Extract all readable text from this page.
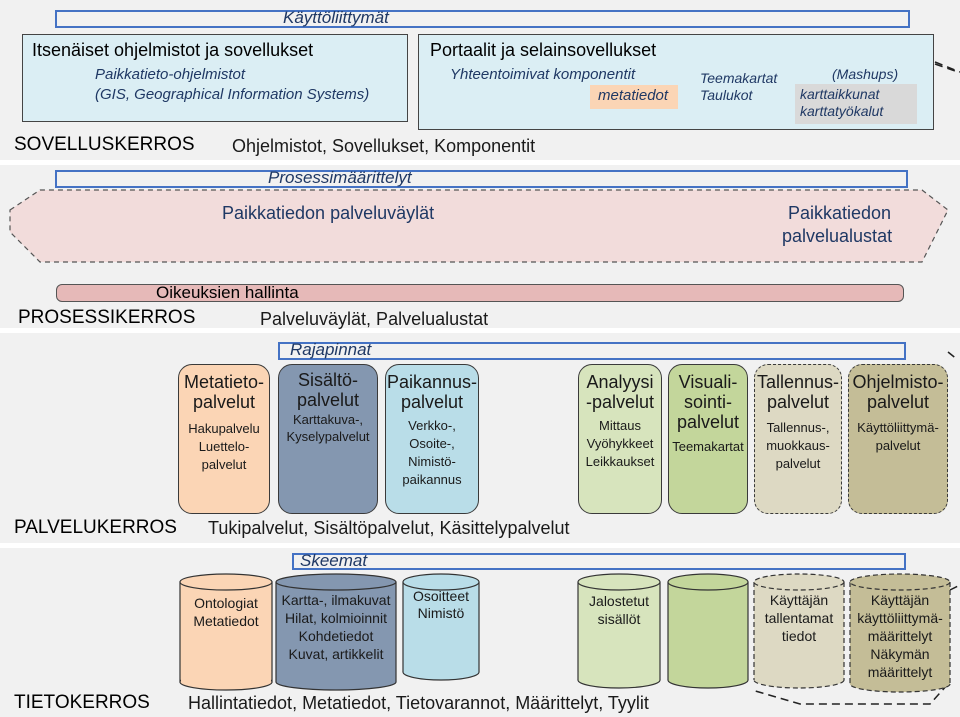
Käyttöliittymät
Itsenäiset ohjelmistot ja sovellukset
Paikkatieto-ohjelmistot
(GIS, Geographical Information Systems)
Portaalit ja selainsovellukset
Yhteentoimivat komponentit
metatiedot
Teemakartat
Taulukot
(Mashups)
karttaikkunat
karttatyökalut
SOVELLUSKERROS Ohjelmistot, Sovellukset, Komponentit
Prosessimäärittelyt
Paikkatiedon palveluväylät	Paikkatiedon
palvelualustat
Oikeuksien hallinta
PROSESSIKERROS	Palveluväylät, Palvelualustat
Rajapinnat
Metatieto-
palvelut
Hakupalvelu
Luettelo-
palvelut
Sisältö-
palvelut
Karttakuva-,
Kyselypalvelut
Paikannus-
palvelut
Verkko-,
Osoite-,
Nimistö-
paikannus
Analyysi
-palvelut
Mittaus
Vyöhykkeet
Leikkaukset
Visuali-
sointi-
palvelut
Teemakartat
Tallennus-
palvelut
Tallennus-,
muokkaus-
palvelut
Ohjelmisto-
palvelut
Käyttöliittymä-
palvelut
PALVELUKERROS Tukipalvelut, Sisältöpalvelut, Käsittelypalvelut
Skeemat
Ontologiat
Metatiedot
Kartta-, ilmakuvat
Hilat, kolmioinnit
Kohdetiedot
Kuvat, artikkelit
Osoitteet
Nimistö
Jalostetut
sisällöt
Käyttäjän
tallentamat
tiedot
Käyttäjän
käyttöliittymä-
määrittelyt
Näkymän
määrittelyt
TIETOKERROS Hallintatiedot, Metatiedot, Tietovarannot, Määrittelyt, Tyylit
